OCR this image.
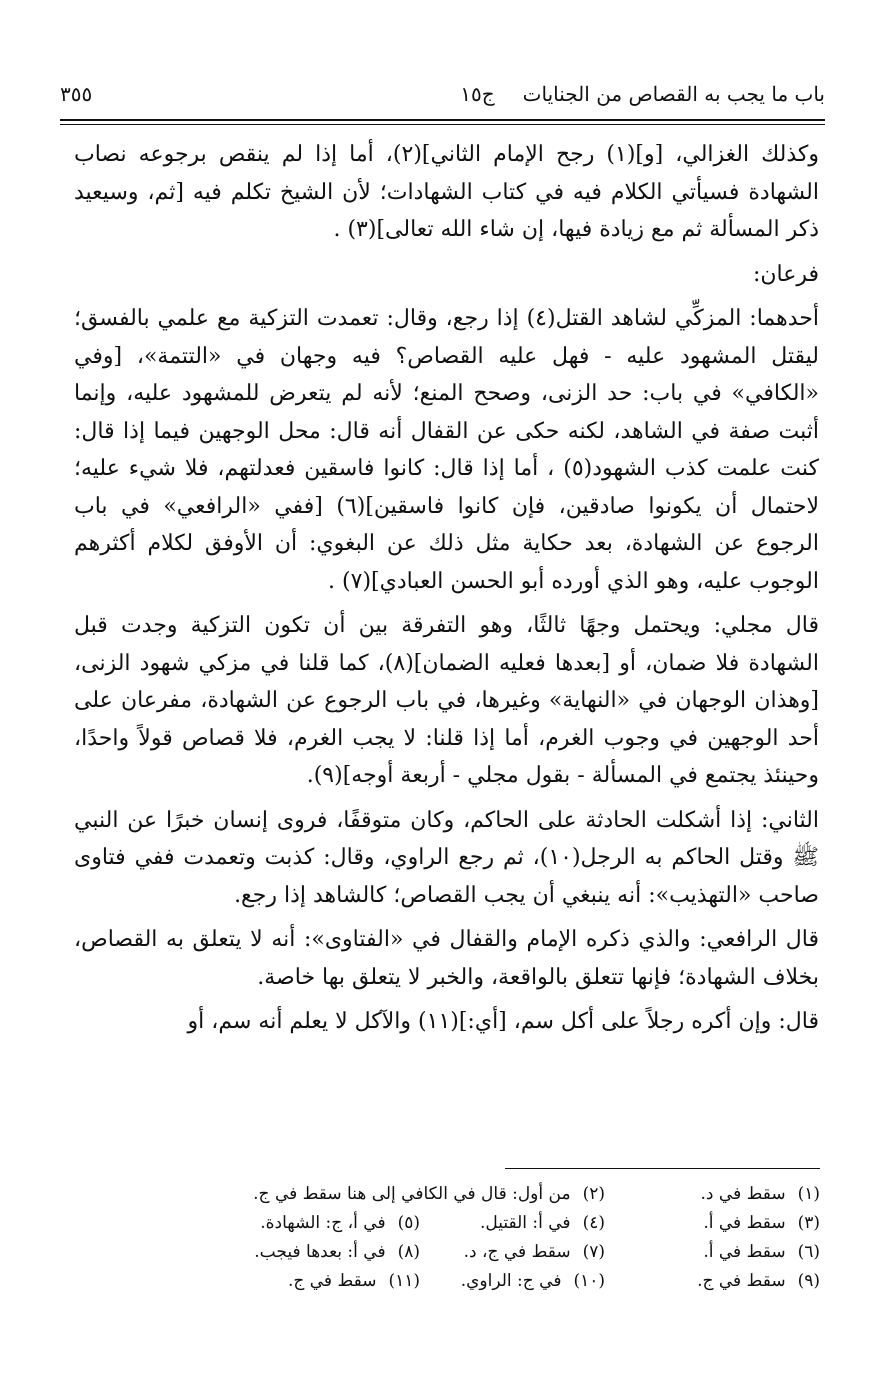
باب ما يجب به القصاص من الجنايات
ج١٥
٣٥٥

وكذلك الغزالي، [و](١) رجح الإمام الثاني](٢)، أما إذا لم ينقص برجوعه نصاب الشهادة فسيأتي الكلام فيه في كتاب الشهادات؛ لأن الشيخ تكلم فيه [ثم، وسيعيد ذكر المسألة ثم مع زيادة فيها، إن شاء الله تعالى](٣) .

فرعان:

أحدهما: المزكِّي لشاهد القتل(٤) إذا رجع، وقال: تعمدت التزكية مع علمي بالفسق؛ ليقتل المشهود عليه - فهل عليه القصاص؟ فيه وجهان في «التتمة»، [وفي «الكافي» في باب: حد الزنى، وصحح المنع؛ لأنه لم يتعرض للمشهود عليه، وإنما أثبت صفة في الشاهد، لكنه حكى عن القفال أنه قال: محل الوجهين فيما إذا قال: كنت علمت كذب الشهود(٥) ، أما إذا قال: كانوا فاسقين فعدلتهم، فلا شيء عليه؛ لاحتمال أن يكونوا صادقين، فإن كانوا فاسقين](٦) [ففي «الرافعي» في باب الرجوع عن الشهادة، بعد حكاية مثل ذلك عن البغوي: أن الأوفق لكلام أكثرهم الوجوب عليه، وهو الذي أورده أبو الحسن العبادي](٧) .

قال مجلي: ويحتمل وجهًا ثالثًا، وهو التفرقة بين أن تكون التزكية وجدت قبل الشهادة فلا ضمان، أو [بعدها فعليه الضمان](٨)، كما قلنا في مزكي شهود الزنى، [وهذان الوجهان في «النهاية» وغيرها، في باب الرجوع عن الشهادة، مفرعان على أحد الوجهين في وجوب الغرم، أما إذا قلنا: لا يجب الغرم، فلا قصاص قولاً واحدًا، وحينئذ يجتمع في المسألة - بقول مجلي - أربعة أوجه](٩).

الثاني: إذا أشكلت الحادثة على الحاكم، وكان متوقفًا، فروى إنسان خبرًا عن النبي ﷺ وقتل الحاكم به الرجل(١٠)، ثم رجع الراوي، وقال: كذبت وتعمدت ففي فتاوى صاحب «التهذيب»: أنه ينبغي أن يجب القصاص؛ كالشاهد إذا رجع.

قال الرافعي: والذي ذكره الإمام والقفال في «الفتاوى»: أنه لا يتعلق به القصاص، بخلاف الشهادة؛ فإنها تتعلق بالواقعة، والخبر لا يتعلق بها خاصة.

قال: وإن أكره رجلاً على أكل سم، [أي:](١١) والآكل لا يعلم أنه سم، أو

(١)سقط في د.
(٢)من أول: قال في الكافي إلى هنا سقط في ج.
(٣)سقط في أ.
(٤)في أ: القتيل.
(٥)في أ، ج: الشهادة.
(٦)سقط في أ.
(٧)سقط في ج، د.
(٨)في أ: بعدها فيجب.
(٩)سقط في ج.
(١٠)في ج: الراوي.
(١١)سقط في ج.
